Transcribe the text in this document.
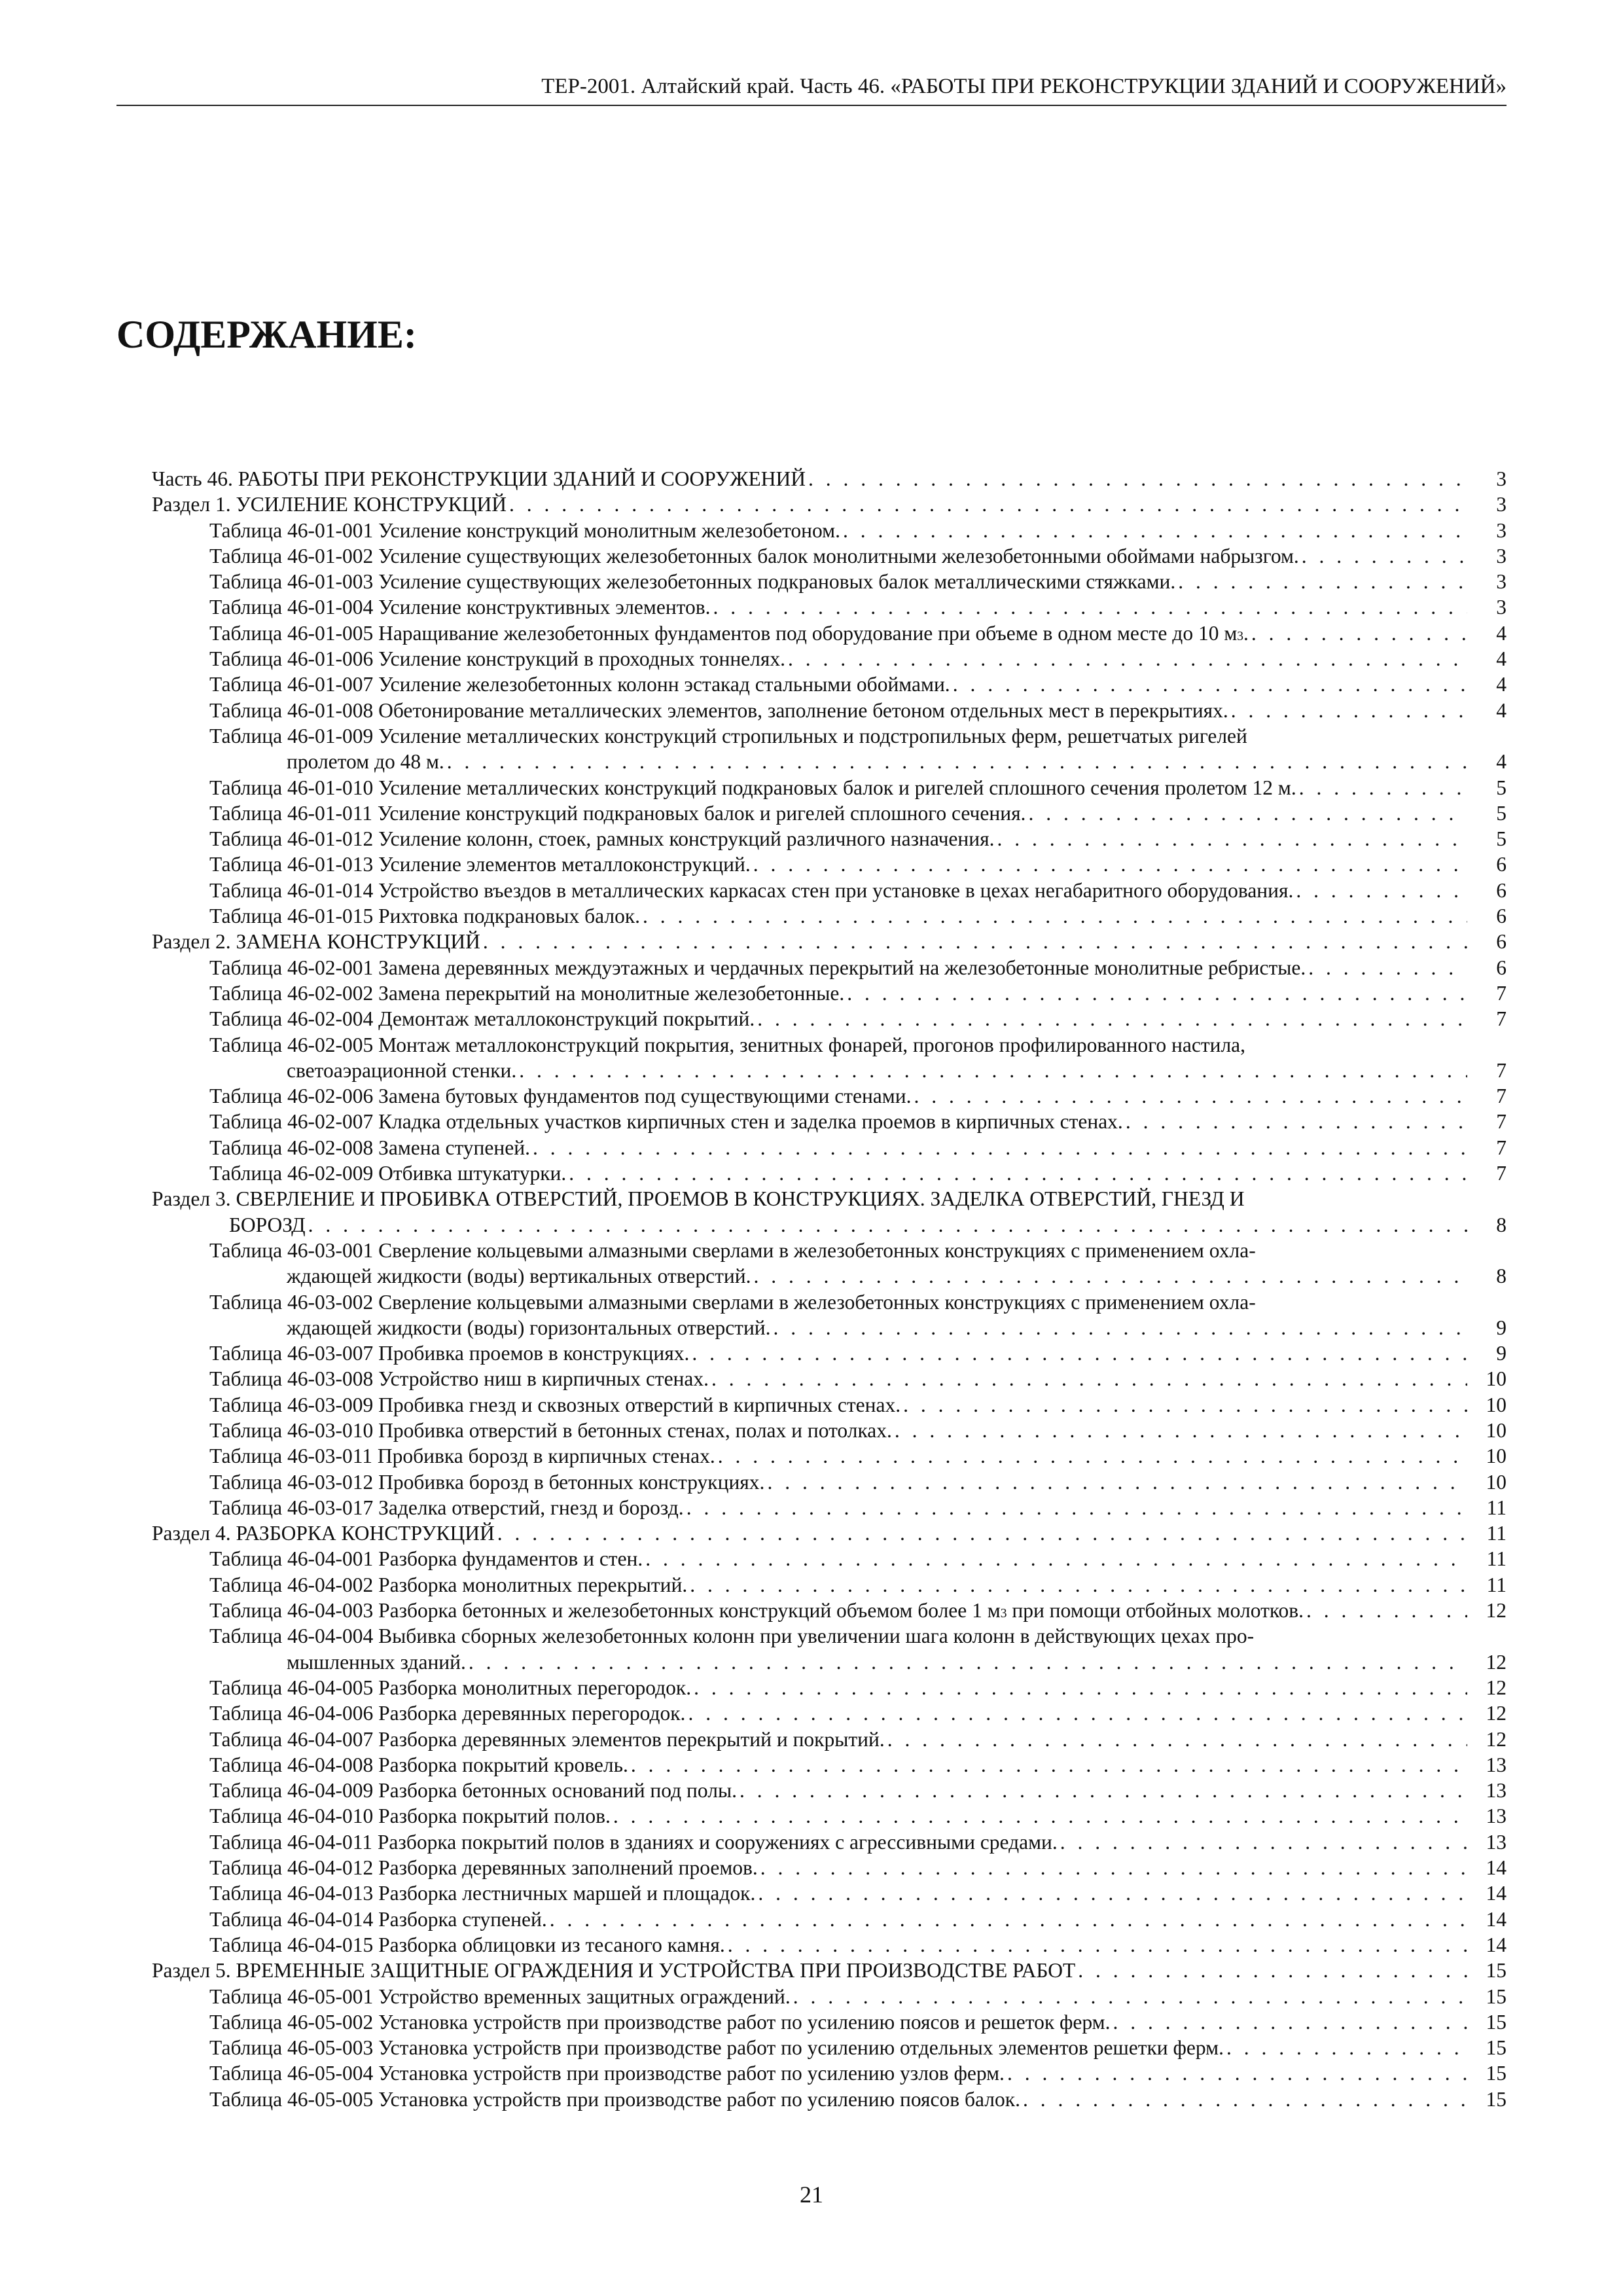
ТЕР-2001. Алтайский край. Часть 46. «РАБОТЫ ПРИ РЕКОНСТРУКЦИИ ЗДАНИЙ И СООРУЖЕНИЙ»
СОДЕРЖАНИЕ:
Часть 46. РАБОТЫ ПРИ РЕКОНСТРУКЦИИ ЗДАНИЙ И СООРУЖЕНИЙ . . .	3
Раздел 1. УСИЛЕНИЕ КОНСТРУКЦИЙ . . .	3
Таблица 46-01-001 Усиление конструкций монолитным железобетоном. . . .	3
Таблица 46-01-002 Усиление существующих железобетонных балок монолитными железобетонными обоймами набрызгом. . . .	3
Таблица 46-01-003 Усиление существующих железобетонных подкрановых балок металлическими стяжками. . . .	3
Таблица 46-01-004 Усиление конструктивных элементов. . . .	3
Таблица 46-01-005 Наращивание железобетонных фундаментов под оборудование при объеме в одном месте до 10 м 3 . . . .	4
Таблица 46-01-006 Усиление конструкций в проходных тоннелях. . . .	4
Таблица 46-01-007 Усиление железобетонных колонн эстакад стальными обоймами. . . .	4
Таблица 46-01-008 Обетонирование металлических элементов, заполнение бетоном отдельных мест в перекрытиях. . . .	4
Таблица 46-01-009 Усиление металлических конструкций стропильных и подстропильных ферм, решетчатых ригелей
пролетом до 48 м. . . .	4
Таблица 46-01-010 Усиление металлических конструкций подкрановых балок и ригелей сплошного сечения пролетом 12 м. . . .	5
Таблица 46-01-011 Усиление конструкций подкрановых балок и ригелей сплошного сечения. . . .	5
Таблица 46-01-012 Усиление колонн, стоек, рамных конструкций различного назначения. . . .	5
Таблица 46-01-013 Усиление элементов металлоконструкций. . . .	6
Таблица 46-01-014 Устройство въездов в металлических каркасах стен при установке в цехах негабаритного оборудования. . . .	6
Таблица 46-01-015 Рихтовка подкрановых балок. . . .	6
Раздел 2. ЗАМЕНА КОНСТРУКЦИЙ . . .	6
Таблица 46-02-001 Замена деревянных междуэтажных и чердачных перекрытий на железобетонные монолитные ребристые. . . .	6
Таблица 46-02-002 Замена перекрытий на монолитные железобетонные. . . .	7
Таблица 46-02-004 Демонтаж металлоконструкций покрытий. . . .	7
Таблица 46-02-005 Монтаж металлоконструкций покрытия, зенитных фонарей, прогонов профилированного настила,
светоаэрационной стенки. . . .	7
Таблица 46-02-006 Замена бутовых фундаментов под существующими стенами. . . .	7
Таблица 46-02-007 Кладка отдельных участков кирпичных стен и заделка проемов в кирпичных стенах. . . .	7
Таблица 46-02-008 Замена ступеней. . . .	7
Таблица 46-02-009 Отбивка штукатурки. . . .	7
Раздел 3. СВЕРЛЕНИЕ И ПРОБИВКА ОТВЕРСТИЙ, ПРОЕМОВ В КОНСТРУКЦИЯХ. ЗАДЕЛКА ОТВЕРСТИЙ, ГНЕЗД И
БОРОЗД . . .	8
Таблица 46-03-001 Сверление кольцевыми алмазными сверлами в железобетонных конструкциях с применением охла-
ждающей жидкости (воды) вертикальных отверстий. . . .	8
Таблица 46-03-002 Сверление кольцевыми алмазными сверлами в железобетонных конструкциях с применением охла-
ждающей жидкости (воды) горизонтальных отверстий. . . .	9
Таблица 46-03-007 Пробивка проемов в конструкциях. . . .	9
Таблица 46-03-008 Устройство ниш в кирпичных стенах. . . .	10
Таблица 46-03-009 Пробивка гнезд и сквозных отверстий в кирпичных стенах. . . .	10
Таблица 46-03-010 Пробивка отверстий в бетонных стенах, полах и потолках. . . .	10
Таблица 46-03-011 Пробивка борозд в кирпичных стенах. . . .	10
Таблица 46-03-012 Пробивка борозд в бетонных конструкциях. . . .	10
Таблица 46-03-017 Заделка отверстий, гнезд и борозд. . . .	11
Раздел 4. РАЗБОРКА КОНСТРУКЦИЙ . . .	11
Таблица 46-04-001 Разборка фундаментов и стен. . . .	11
Таблица 46-04-002 Разборка монолитных перекрытий. . . .	11
Таблица 46-04-003 Разборка бетонных и железобетонных конструкций объемом более 1 м 3 при помощи отбойных молотков. . . .	12
Таблица 46-04-004 Выбивка сборных железобетонных колонн при увеличении шага колонн в действующих цехах про-
мышленных зданий. . . .	12
Таблица 46-04-005 Разборка монолитных перегородок. . . .	12
Таблица 46-04-006 Разборка деревянных перегородок. . . .	12
Таблица 46-04-007 Разборка деревянных элементов перекрытий и покрытий. . . .	12
Таблица 46-04-008 Разборка покрытий кровель. . . .	13
Таблица 46-04-009 Разборка бетонных оснований под полы. . . .	13
Таблица 46-04-010 Разборка покрытий полов. . . .	13
Таблица 46-04-011 Разборка покрытий полов в зданиях и сооружениях с агрессивными средами. . . .	13
Таблица 46-04-012 Разборка деревянных заполнений проемов. . . .	14
Таблица 46-04-013 Разборка лестничных маршей и площадок. . . .	14
Таблица 46-04-014 Разборка ступеней. . . .	14
Таблица 46-04-015 Разборка облицовки из тесаного камня. . . .	14
Раздел 5. ВРЕМЕННЫЕ ЗАЩИТНЫЕ ОГРАЖДЕНИЯ И УСТРОЙСТВА ПРИ ПРОИЗВОДСТВЕ РАБОТ . . .	15
Таблица 46-05-001 Устройство временных защитных ограждений. . . .	15
Таблица 46-05-002 Установка устройств при производстве работ по усилению поясов и решеток ферм. . . .	15
Таблица 46-05-003 Установка устройств при производстве работ по усилению отдельных элементов решетки ферм. . . .	15
Таблица 46-05-004 Установка устройств при производстве работ по усилению узлов ферм. . . .	15
Таблица 46-05-005 Установка устройств при производстве работ по усилению поясов балок. . . .	15
21
